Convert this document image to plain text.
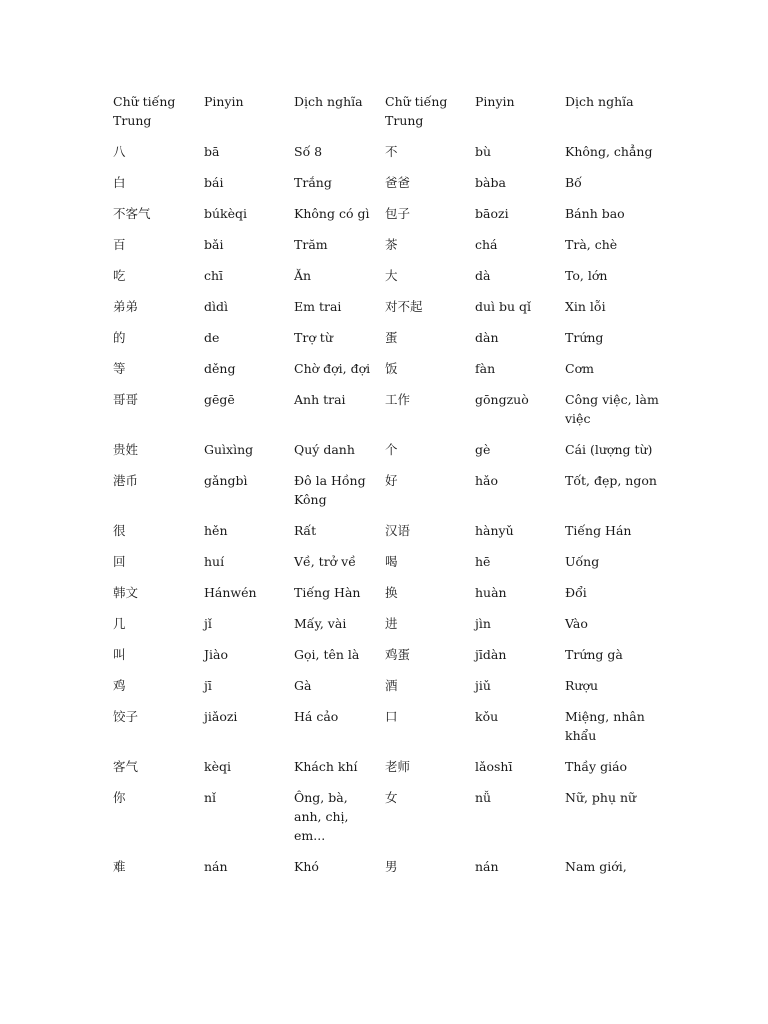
Chữ tiếng Trung	Pinyin	Dịch nghĩa	Chữ tiếng Trung	Pinyin	Dịch nghĩa
八	bā	Số 8	不	bù	Không, chẳng
白	bái	Trắng	爸爸	bàba	Bố
不客气	búkèqi	Không có gì	包子	bāozi	Bánh bao
百	bǎi	Trăm	茶	chá	Trà, chè
吃	chī	Ăn	大	dà	To, lớn
弟弟	dìdì	Em trai	对不起	duì bu qǐ	Xin lỗi
的	de	Trợ từ	蛋	dàn	Trứng
等	děng	Chờ đợi, đợi	饭	fàn	Cơm
哥哥	gēgē	Anh trai	工作	gōngzuò	Công việc, làm việc
贵姓	Guìxìng	Quý danh	个	gè	Cái (lượng từ)
港币	gǎngbì	Đô la Hồng Kông	好	hǎo	Tốt, đẹp, ngon
很	hěn	Rất	汉语	hànyǔ	Tiếng Hán
回	huí	Về, trở về	喝	hē	Uống
韩文	Hánwén	Tiếng Hàn	换	huàn	Đổi
几	jǐ	Mấy, vài	进	jìn	Vào
叫	Jiào	Gọi, tên là	鸡蛋	jīdàn	Trứng gà
鸡	jī	Gà	酒	jiǔ	Rượu
饺子	jiǎozi	Há cảo	口	kǒu	Miệng, nhân khẩu
客气	kèqi	Khách khí	老师	lǎoshī	Thầy giáo
你	nǐ	Ông, bà, anh, chị, em...	女	nǚ	Nữ, phụ nữ
难	nán	Khó	男	nán	Nam giới,
